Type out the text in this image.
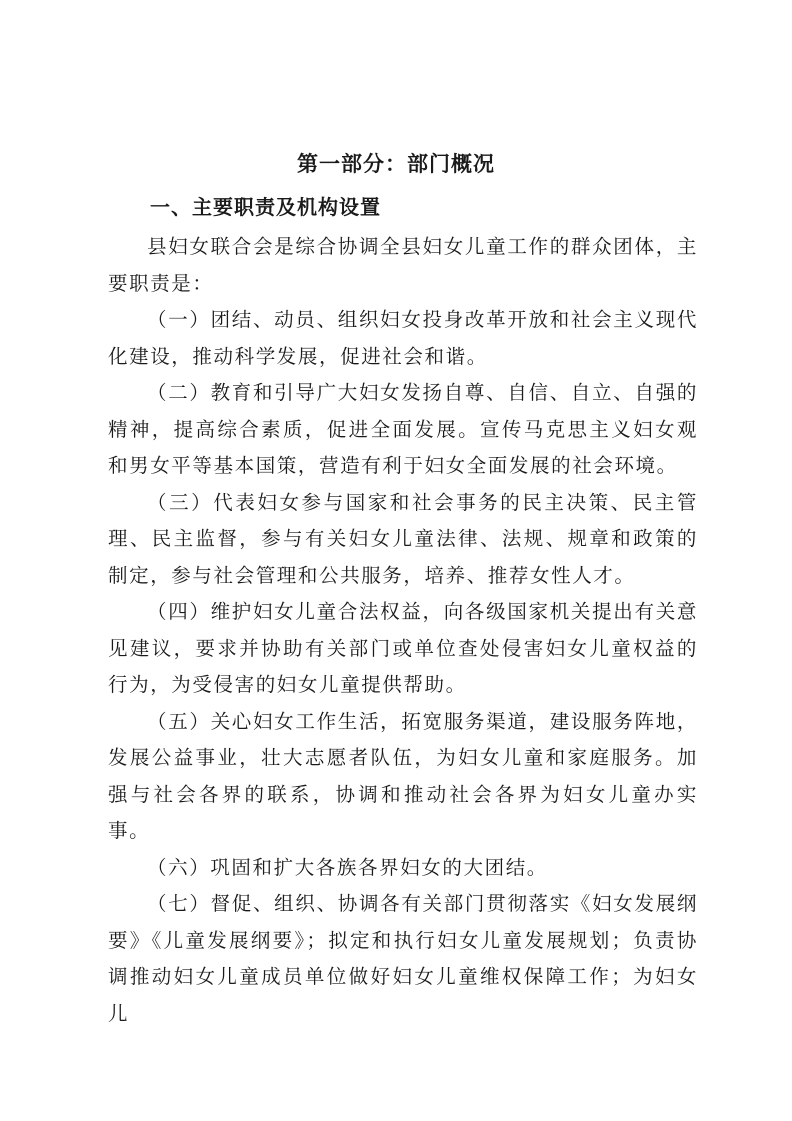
第一部分：部门概况
一、主要职责及机构设置

县妇女联合会是综合协调全县妇女儿童工作的群众团体，主要职责是：

（一）团结、动员、组织妇女投身改革开放和社会主义现代化建设，推动科学发展，促进社会和谐。

（二）教育和引导广大妇女发扬自尊、自信、自立、自强的精神，提高综合素质，促进全面发展。宣传马克思主义妇女观和男女平等基本国策，营造有利于妇女全面发展的社会环境。

（三）代表妇女参与国家和社会事务的民主决策、民主管理、民主监督，参与有关妇女儿童法律、法规、规章和政策的制定，参与社会管理和公共服务，培养、推荐女性人才。

（四）维护妇女儿童合法权益，向各级国家机关提出有关意见建议，要求并协助有关部门或单位查处侵害妇女儿童权益的行为，为受侵害的妇女儿童提供帮助。

（五）关心妇女工作生活，拓宽服务渠道，建设服务阵地，发展公益事业，壮大志愿者队伍，为妇女儿童和家庭服务。加强与社会各界的联系，协调和推动社会各界为妇女儿童办实事。

（六）巩固和扩大各族各界妇女的大团结。

（七）督促、组织、协调各有关部门贯彻落实《妇女发展纲要》《儿童发展纲要》；拟定和执行妇女儿童发展规划；负责协调推动妇女儿童成员单位做好妇女儿童维权保障工作；为妇女儿
